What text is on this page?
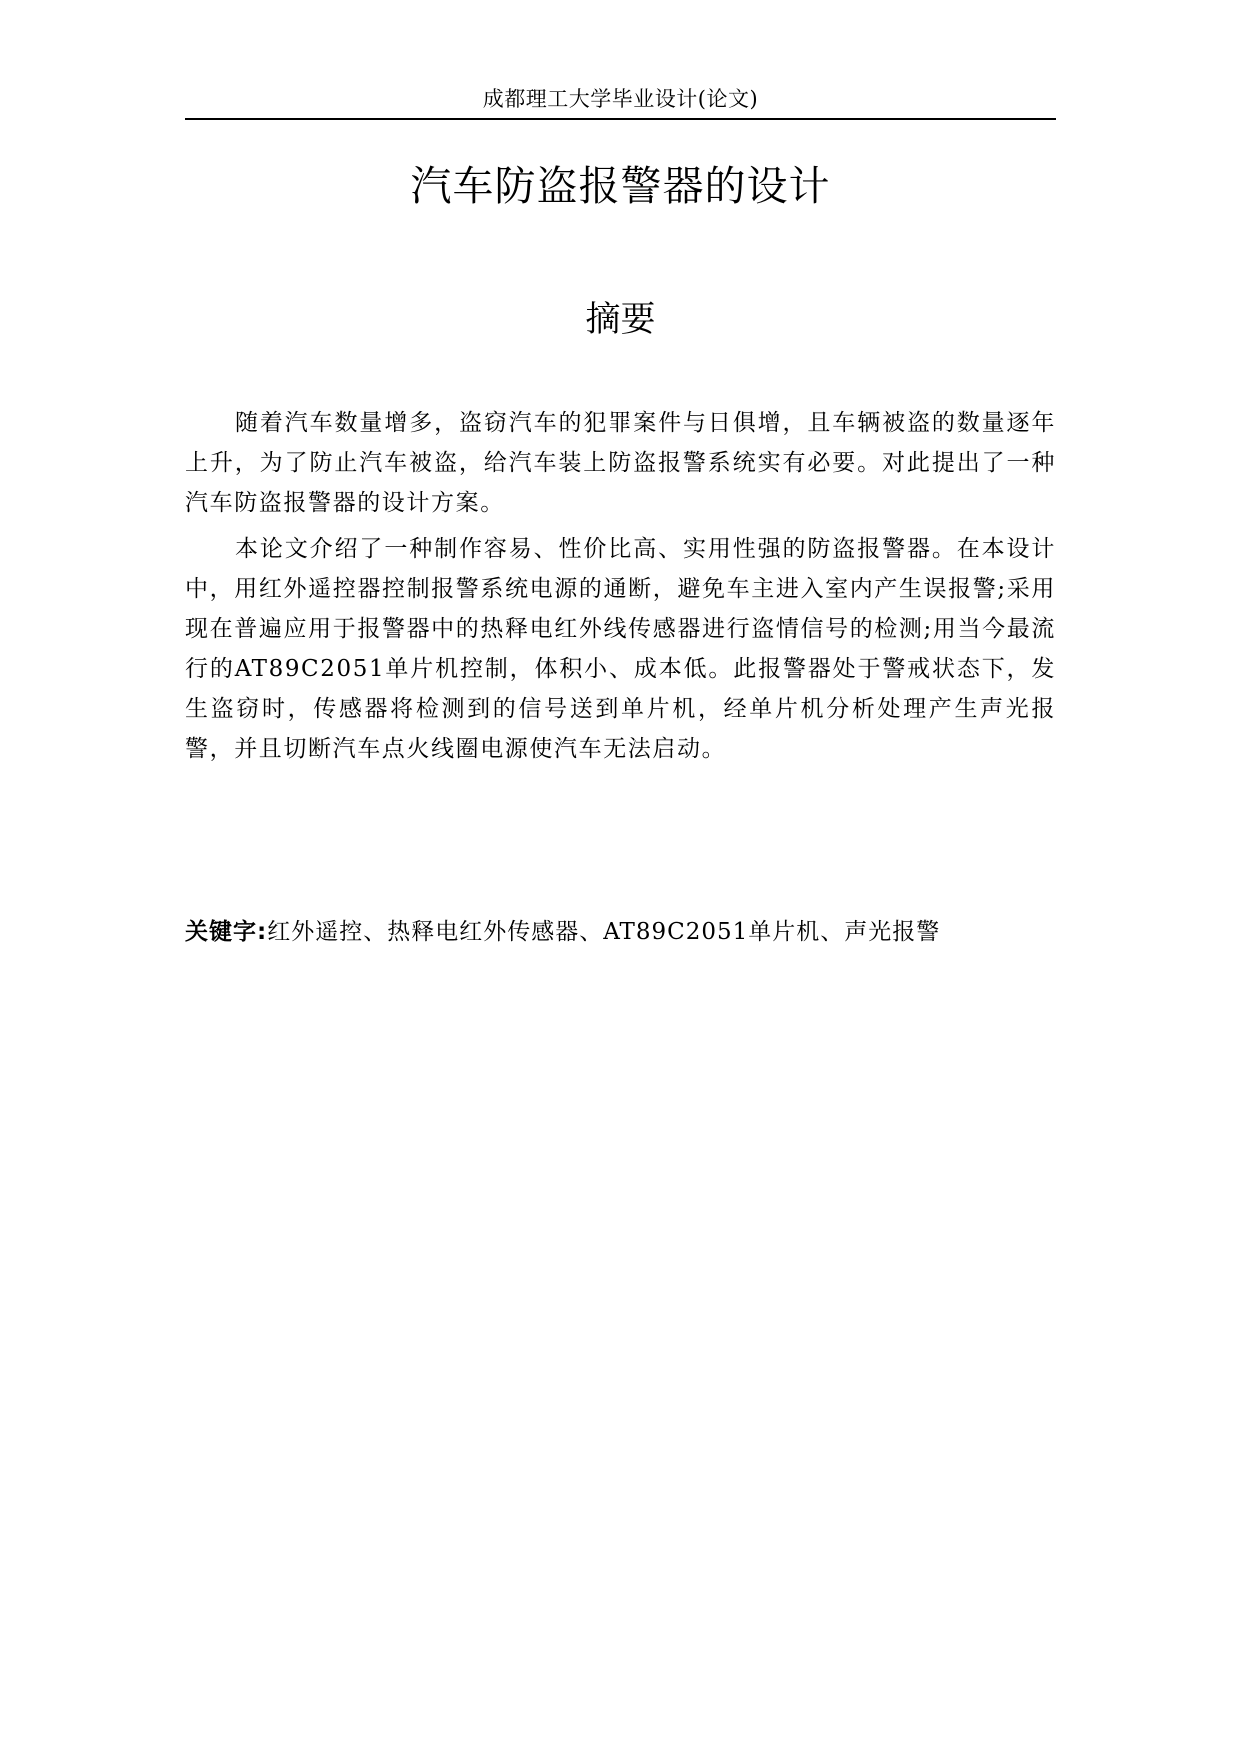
成都理工大学毕业设计(论文)
汽车防盗报警器的设计
摘要

随着汽车数量增多，盗窃汽车的犯罪案件与日俱增，且车辆被盗的数量逐年上升，为了防止汽车被盗，给汽车装上防盗报警系统实有必要。对此提出了一种汽车防盗报警器的设计方案。

本论文介绍了一种制作容易、性价比高、实用性强的防盗报警器。在本设计中，用红外遥控器控制报警系统电源的通断，避免车主进入室内产生误报警;采用现在普遍应用于报警器中的热释电红外线传感器进行盗情信号的检测;用当今最流行的AT89C2051单片机控制，体积小、成本低。此报警器处于警戒状态下，发生盗窃时，传感器将检测到的信号送到单片机，经单片机分析处理产生声光报警，并且切断汽车点火线圈电源使汽车无法启动。

关键字:红外遥控、热释电红外传感器、AT89C2051单片机、声光报警
